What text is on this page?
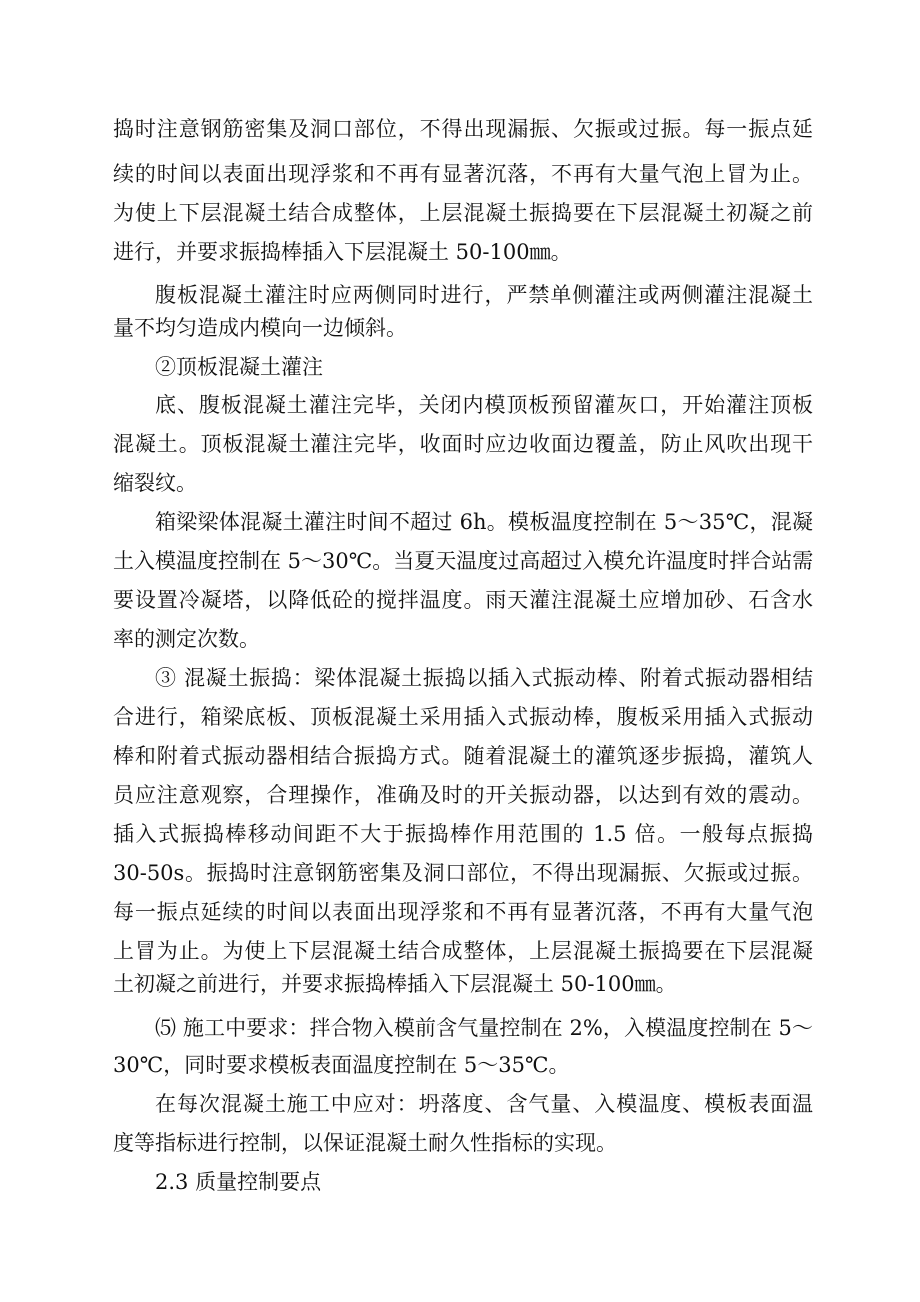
捣时注意钢筋密集及洞口部位，不得出现漏振、欠振或过振。每一振点延
续的时间以表面出现浮浆和不再有显著沉落，不再有大量气泡上冒为止。
为使上下层混凝土结合成整体，上层混凝土振捣要在下层混凝土初凝之前
进行，并要求振捣棒插入下层混凝土 50-100㎜。
腹板混凝土灌注时应两侧同时进行，严禁单侧灌注或两侧灌注混凝土
量不均匀造成内模向一边倾斜。
②顶板混凝土灌注
底、腹板混凝土灌注完毕，关闭内模顶板预留灌灰口，开始灌注顶板
混凝土。顶板混凝土灌注完毕，收面时应边收面边覆盖，防止风吹出现干
缩裂纹。
箱梁梁体混凝土灌注时间不超过 6h。模板温度控制在 5～35℃，混凝
土入模温度控制在 5～30℃。当夏天温度过高超过入模允许温度时拌合站需
要设置冷凝塔，以降低砼的搅拌温度。雨天灌注混凝土应增加砂、石含水
率的测定次数。
③ 混凝土振捣：梁体混凝土振捣以插入式振动棒、附着式振动器相结
合进行，箱梁底板、顶板混凝土采用插入式振动棒，腹板采用插入式振动
棒和附着式振动器相结合振捣方式。随着混凝土的灌筑逐步振捣，灌筑人
员应注意观察，合理操作，准确及时的开关振动器，以达到有效的震动。
插入式振捣棒移动间距不大于振捣棒作用范围的 1.5 倍。一般每点振捣
30-50s。振捣时注意钢筋密集及洞口部位，不得出现漏振、欠振或过振。
每一振点延续的时间以表面出现浮浆和不再有显著沉落，不再有大量气泡
上冒为止。为使上下层混凝土结合成整体，上层混凝土振捣要在下层混凝
土初凝之前进行，并要求振捣棒插入下层混凝土 50-100㎜。
⑸ 施工中要求：拌合物入模前含气量控制在 2%，入模温度控制在 5～
30℃，同时要求模板表面温度控制在 5～35℃。
在每次混凝土施工中应对：坍落度、含气量、入模温度、模板表面温
度等指标进行控制，以保证混凝土耐久性指标的实现。
2.3 质量控制要点
